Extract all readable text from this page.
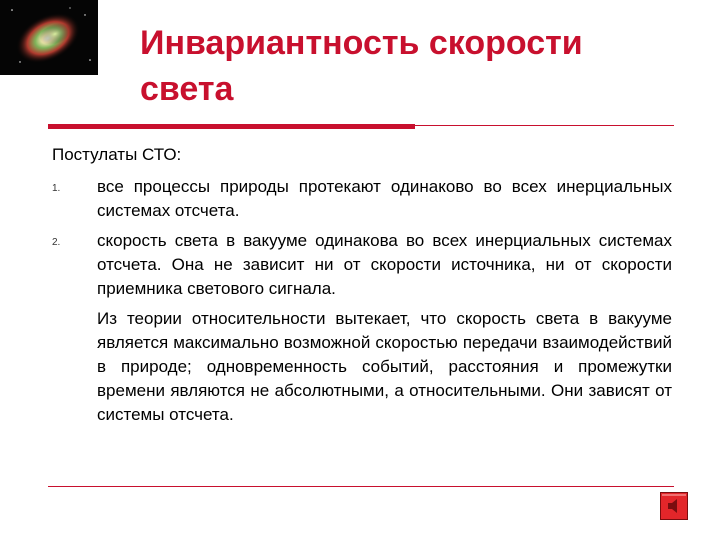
Инвариантность скорости
света

Постулаты СТО:

1. все процессы природы протекают одинаково во всех инерциальных системах отсчета.
2. скорость света в вакууме одинакова во всех инерциальных системах отсчета. Она не зависит ни от скорости источника, ни от скорости приемника светового сигнала.

Из теории относительности вытекает, что скорость света в вакууме является максимально возможной скоростью передачи взаимодействий в природе; одновременность событий, расстояния и промежутки времени являются не абсолютными, а относительными. Они зависят от системы отсчета.
